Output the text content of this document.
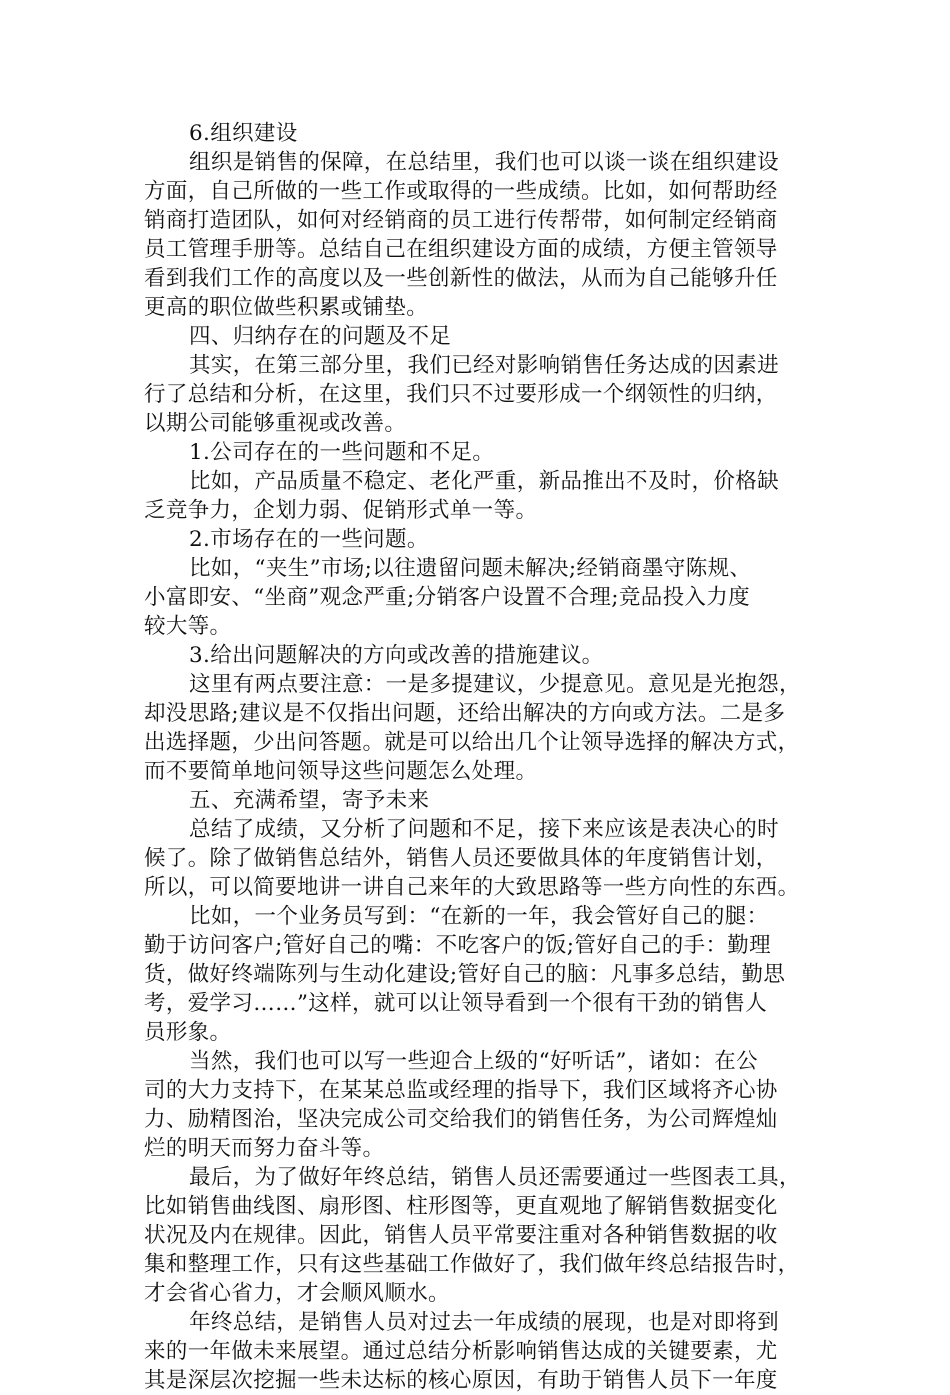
6.组织建设
组织是销售的保障，在总结里，我们也可以谈一谈在组织建设
方面，自己所做的一些工作或取得的一些成绩。比如，如何帮助经
销商打造团队，如何对经销商的员工进行传帮带，如何制定经销商
员工管理手册等。总结自己在组织建设方面的成绩，方便主管领导
看到我们工作的高度以及一些创新性的做法，从而为自己能够升任
更高的职位做些积累或铺垫。
四、归纳存在的问题及不足
其实，在第三部分里，我们已经对影响销售任务达成的因素进
行了总结和分析，在这里，我们只不过要形成一个纲领性的归纳，
以期公司能够重视或改善。
1.公司存在的一些问题和不足。
比如，产品质量不稳定、老化严重，新品推出不及时，价格缺
乏竞争力，企划力弱、促销形式单一等。
2.市场存在的一些问题。
比如，“夹生”市场;以往遗留问题未解决;经销商墨守陈规、
小富即安、“坐商”观念严重;分销客户设置不合理;竞品投入力度
较大等。
3.给出问题解决的方向或改善的措施建议。
这里有两点要注意：一是多提建议，少提意见。意见是光抱怨，
却没思路;建议是不仅指出问题，还给出解决的方向或方法。二是多
出选择题，少出问答题。就是可以给出几个让领导选择的解决方式，
而不要简单地问领导这些问题怎么处理。
五、充满希望，寄予未来
总结了成绩，又分析了问题和不足，接下来应该是表决心的时
候了。除了做销售总结外，销售人员还要做具体的年度销售计划，
所以，可以简要地讲一讲自己来年的大致思路等一些方向性的东西。
比如，一个业务员写到：“在新的一年，我会管好自己的腿：
勤于访问客户;管好自己的嘴：不吃客户的饭;管好自己的手：勤理
货，做好终端陈列与生动化建设;管好自己的脑：凡事多总结，勤思
考，爱学习……”这样，就可以让领导看到一个很有干劲的销售人
员形象。
当然，我们也可以写一些迎合上级的“好听话”，诸如：在公
司的大力支持下，在某某总监或经理的指导下，我们区域将齐心协
力、励精图治，坚决完成公司交给我们的销售任务，为公司辉煌灿
烂的明天而努力奋斗等。
最后，为了做好年终总结，销售人员还需要通过一些图表工具，
比如销售曲线图、扇形图、柱形图等，更直观地了解销售数据变化
状况及内在规律。因此，销售人员平常要注重对各种销售数据的收
集和整理工作，只有这些基础工作做好了，我们做年终总结报告时，
才会省心省力，才会顺风顺水。
年终总结，是销售人员对过去一年成绩的展现，也是对即将到
来的一年做未来展望。通过总结分析影响销售达成的关键要素，尤
其是深层次挖掘一些未达标的核心原因，有助于销售人员下一年度
